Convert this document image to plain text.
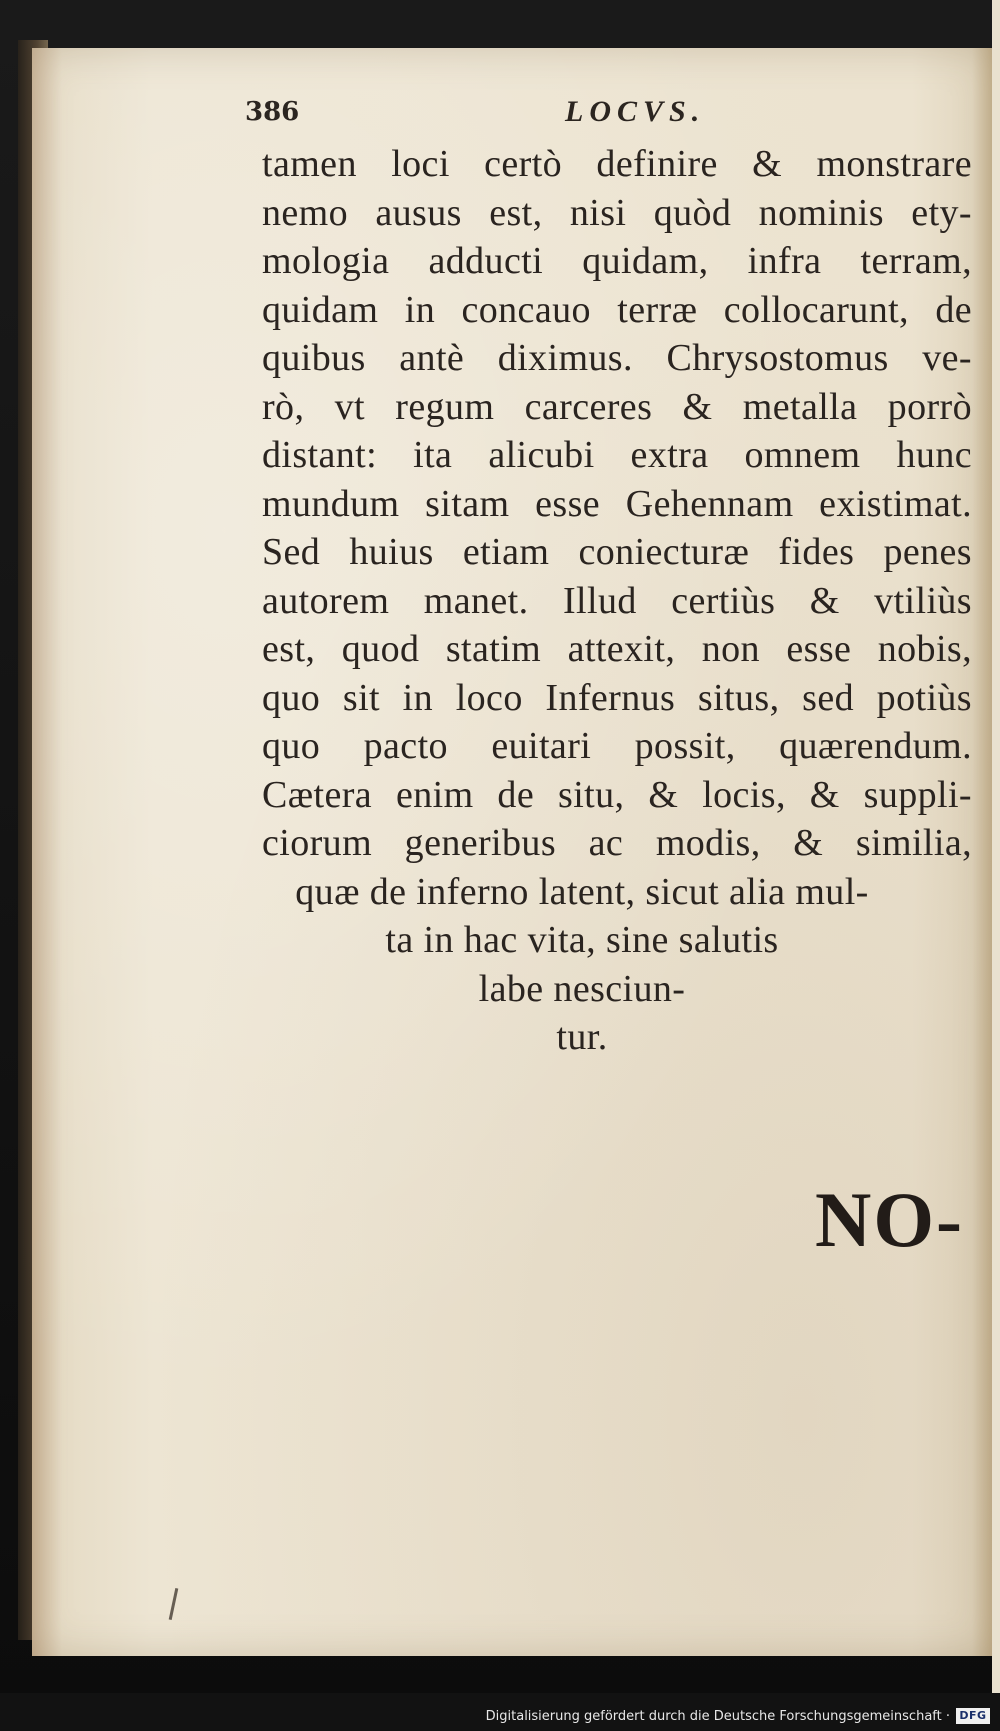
386	LOCVS.
tamen loci certò definire & monstrare
nemo ausus est, nisi quòd nominis ety-
mologia adducti quidam, infra terram,
quidam in concauo terræ collocarunt, de
quibus antè diximus. Chrysostomus ve-
rò, vt regum carceres & metalla porrò
distant: ita alicubi extra omnem hunc
mundum sitam esse Gehennam existimat.
Sed huius etiam coniecturæ fides penes
autorem manet. Illud certiùs & vtiliùs
est, quod statim attexit, non esse nobis,
quo sit in loco Infernus situs, sed potiùs
quo pacto euitari possit, quærendum.
Cætera enim de situ, & locis, & suppli-
ciorum generibus ac modis, & similia,
quæ de inferno latent, sicut alia mul-
ta in hac vita, sine salutis
labe nesciun-
tur.
NO-
Digitalisierung gefördert durch die Deutsche Forschungsgemeinschaft · DFG
